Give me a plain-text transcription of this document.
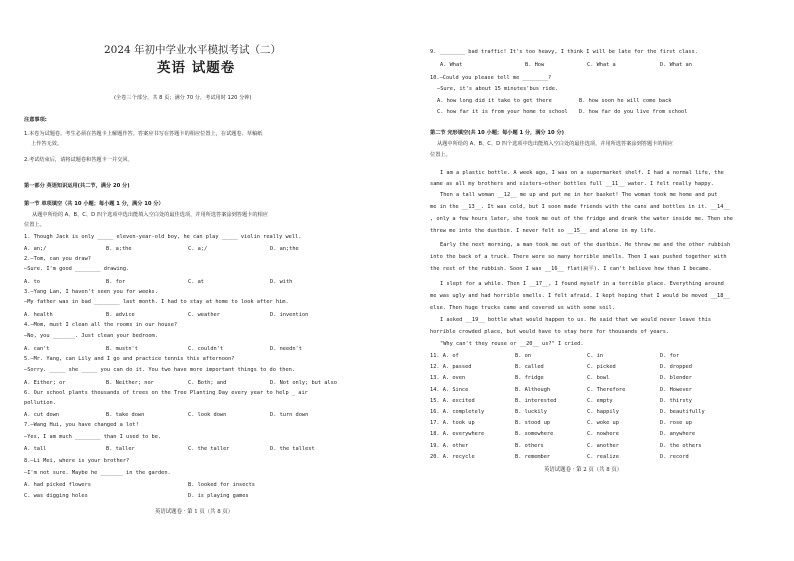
2024 年初中学业水平模拟考试（二）
英语 试题卷
(全卷三个部分，共 8 页；满分 70 分，考试用时 120 分钟)
注意事项:
1.本卷为试题卷。考生必须在答题卡上解题作答。答案应书写在答题卡的相应位置上，在试题卷、草稿纸
上作答无效。
2.考试结束后，请将试题卷和答题卡一并交回。
第一部分 英语知识运用(共二节，满分 20 分)
第一节 单项填空（共 10 小题；每小题 1 分，满分 10 分）
从题中所给的 A、B、C、D 四个选项中选出能填入空白处的最佳选项，并用所选答案涂到答题卡的相应
位置上。
1. Though Jack is only _____ eleven-year-old boy, he can play _____ violin really well.
A. an;/	B. a;the	C. a;/	D. an;the
2.—Tom, can you draw?
—Sure. I'm good ________ drawing.
A. to	B. for	C. at	D. with
3.—Yang Lan, I haven't seen you for weeks.
—My father was in bad ________ last month. I had to stay at home to look after him.
A. health	B. advice	C. weather	D. invention
4.—Mom, must I clean all the rooms in our house?
—No, you _______. Just clean your bedroom.
A. can't	B. mustn't	C. couldn't	D. needn't
5.—Mr. Yang, can Lily and I go and practice tennis this afternoon?
—Sorry. _____ she _____ you can do it. You two have more important things to do then.
A. Either; or	B. Neither; nor	C. Both; and	D. Not only; but also
6. Our school plants thousands of trees on the Tree Planting Day every year to help _ air
pollution.
A. cut down	B. take down	C. look down	D. turn down
7.—Wang Hui, you have changed a lot!
—Yes, I am much ________ than I used to be.
A. tall	B. taller	C. the taller	D. the tallest
8.—Li Mei, where is your brother?
—I'm not sure. Maybe he _______ in the garden.
A. had picked flowers	B. looked for insects
C. was digging holes	D. is playing games
英语试题卷 · 第 1 页（共 8 页）
9. ________ bad traffic! It's too heavy, I think I will be late for the first class.
A. What	B. How	C. What a	D. What an
10.—Could you please tell me ________?
—Sure, it's about 15 minutes'bus ride.
A. how long did it take to get there	B. how soon he will come back
C. how far it is from your home to school D. how far do you live from school
第二节 完形填空(共 10 小题；每小题 1 分，满分 10 分)
从题中所给的 A、B、C、D 四个选项中选出能填入空白处的最佳选项，并用所选答案涂到答题卡的相应
位置上。
I am a plastic bottle. A week ago, I was on a supermarket shelf. I had a normal life, the
same as all my brothers and sisters—other bottles full __11__ water. I felt really happy.
Then a tall woman __12__ me up and put me in her basket! The woman took me home and put
me in the __13__. It was cold, but I soon made friends with the cans and bottles in it. __14__
, only a few hours later, she took me out of the fridge and drank the water inside me. Then she
threw me into the dustbin. I never felt so __15__ and alone in my life.
Early the next morning, a man took me out of the dustbin. He threw me and the other rubbish
into the back of a truck. There were so many horrible smells. Then I was pushed together with
the rest of the rubbish. Soon I was __16__ flat(扁平). I can't believe how than I became.
I slept for a while. Then I __17__, I found myself in a terrible place. Everything around
me was ugly and had horrible smells. I felt afraid. I kept hoping that I would be moved __18__
else. Then huge trucks came and covered us with some soil.
I asked __19__ bottle what would happen to us. He said that we would never leave this
horrible crowded place, but would have to stay here for thousands of years.
"Why can't they reuse or __20__ us?" I cried.
11. A. of	B. on	C. in	D. for
12. A. passed	B. called	C. picked	D. dropped
13. A. oven	B. fridge	C. bowl	D. blender
14. A. Since	B. Although	C. Therefore	D. However
15. A. excited	B. interested	C. empty	D. thirsty
16. A. completely	B. luckily	C. happily	D. beautifully
17. A. took up	B. stood up	C. woke up	D. rose up
18. A. everywhere	B. somewhere	C. nowhere	D. anywhere
19. A. other	B. others	C. another	D. the others
20. A. recycle	B. remember	C. realize	D. record
英语试题卷 · 第 2 页（共 8 页）
